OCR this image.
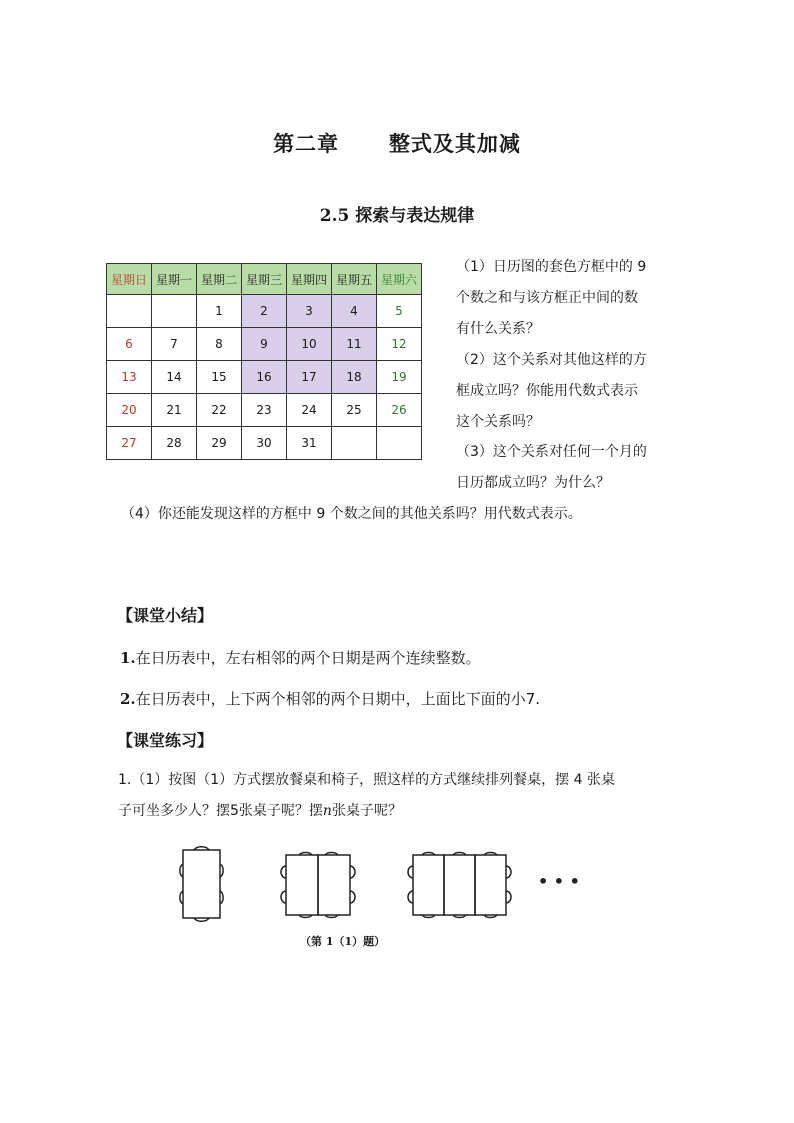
第二章      整式及其加减
2.5 探索与表达规律
星期日	星期一	星期二	星期三	星期四	星期五	星期六
		1	2	3	4	5
6	7	8	9	10	11	12
13	14	15	16	17	18	19
20	21	22	23	24	25	26
27	28	29	30	31		
（1）日历图的套色方框中的 9
个数之和与该方框正中间的数
有什么关系？
（2）这个关系对其他这样的方
框成立吗？你能用代数式表示
这个关系吗？
（3）这个关系对任何一个月的
日历都成立吗？为什么？
（4）你还能发现这样的方框中 9 个数之间的其他关系吗？用代数式表示。
【课堂小结】
1.在日历表中，左右相邻的两个日期是两个连续整数。
2.在日历表中，上下两个相邻的两个日期中，上面比下面的小7.
【课堂练习】
1.（1）按图（1）方式摆放餐桌和椅子，照这样的方式继续排列餐桌，摆 4 张桌
子可坐多少人？摆5张桌子呢？摆n张桌子呢？
• • •
（第 1（1）题）
